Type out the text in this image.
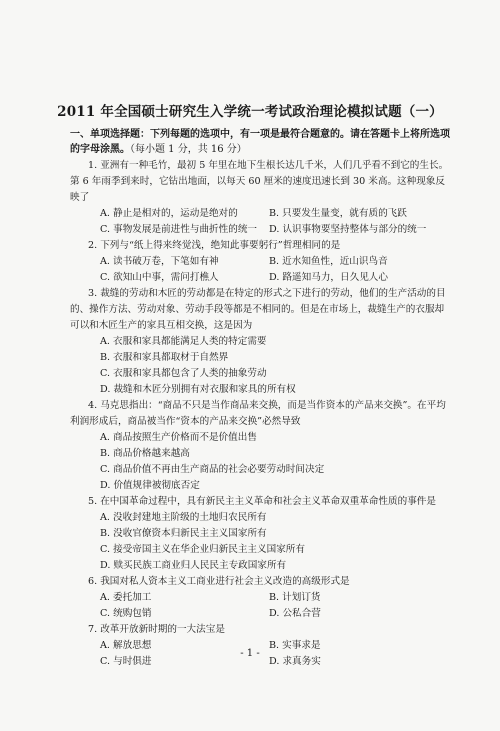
2011 年全国硕士研究生入学统一考试政治理论模拟试题（一）
一、单项选择题：下列每题的选项中，有一项是最符合题意的。请在答题卡上将所选项的字母涂黑。（每小题 1 分，共 16 分）
1. 亚洲有一种毛竹，最初 5 年里在地下生根长达几千米，人们几乎看不到它的生长。第 6 年雨季到来时，它钻出地面，以每天 60 厘米的速度迅速长到 30 米高。这种现象反映了
A. 静止是相对的，运动是绝对的	B. 只要发生量变，就有质的飞跃
C. 事物发展是前进性与曲折性的统一	D. 认识事物要坚持整体与部分的统一
2. 下列与“纸上得来终觉浅，绝知此事要躬行”哲理相同的是
A. 读书破万卷，下笔如有神	B. 近水知鱼性，近山识鸟音
C. 欲知山中事，需问打樵人	D. 路遥知马力，日久见人心
3. 裁缝的劳动和木匠的劳动都是在特定的形式之下进行的劳动，他们的生产活动的目的、操作方法、劳动对象、劳动手段等都是不相同的。但是在市场上，裁缝生产的衣服却可以和木匠生产的家具互相交换，这是因为
A. 衣服和家具都能满足人类的特定需要
B. 衣服和家具都取材于自然界
C. 衣服和家具都包含了人类的抽象劳动
D. 裁缝和木匠分别拥有对衣服和家具的所有权
4. 马克思指出：“商品不只是当作商品来交换，而是当作资本的产品来交换”。在平均利润形成后，商品被当作“资本的产品来交换”必然导致
A. 商品按照生产价格而不是价值出售
B. 商品价格越来越高
C. 商品价值不再由生产商品的社会必要劳动时间决定
D. 价值规律被彻底否定
5. 在中国革命过程中，具有新民主主义革命和社会主义革命双重革命性质的事件是
A. 没收封建地主阶级的土地归农民所有
B. 没收官僚资本归新民主主义国家所有
C. 接受帝国主义在华企业归新民主主义国家所有
D. 赎买民族工商业归人民民主专政国家所有
6. 我国对私人资本主义工商业进行社会主义改造的高级形式是
A. 委托加工	B. 计划订货
C. 统购包销	D. 公私合营
7. 改革开放新时期的一大法宝是
A. 解放思想	B. 实事求是
C. 与时俱进	D. 求真务实
- 1 -
